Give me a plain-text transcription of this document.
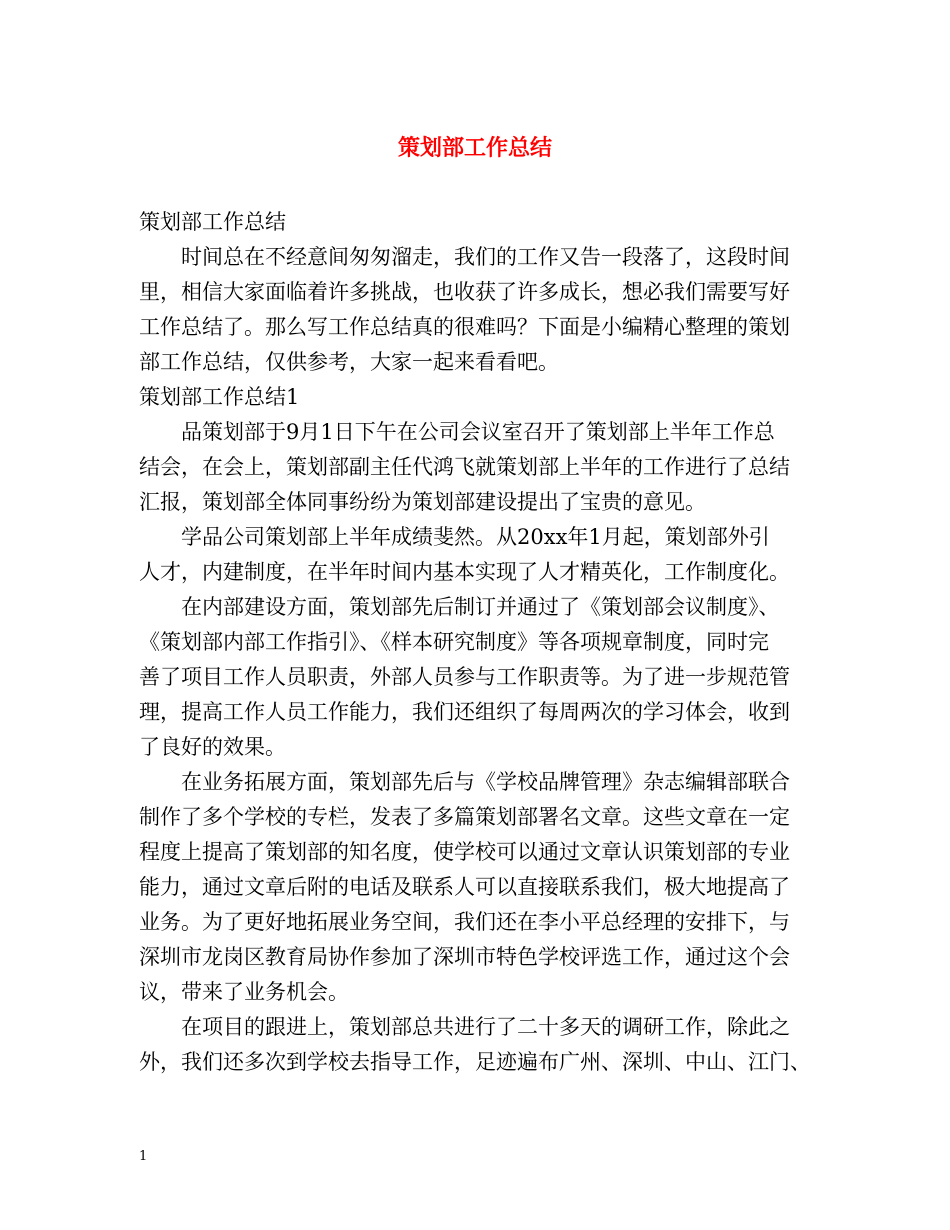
策划部工作总结
策划部工作总结
时间总在不经意间匆匆溜走，我们的工作又告一段落了，这段时间
里，相信大家面临着许多挑战，也收获了许多成长，想必我们需要写好
工作总结了。那么写工作总结真的很难吗？下面是小编精心整理的策划
部工作总结，仅供参考，大家一起来看看吧。
策划部工作总结1
品策划部于9月1日下午在公司会议室召开了策划部上半年工作总
结会，在会上，策划部副主任代鸿飞就策划部上半年的工作进行了总结
汇报，策划部全体同事纷纷为策划部建设提出了宝贵的意见。
学品公司策划部上半年成绩斐然。从20xx年1月起，策划部外引
人才，内建制度，在半年时间内基本实现了人才精英化，工作制度化。
在内部建设方面，策划部先后制订并通过了《策划部会议制度》、
《策划部内部工作指引》、《样本研究制度》等各项规章制度，同时完
善了项目工作人员职责，外部人员参与工作职责等。为了进一步规范管
理，提高工作人员工作能力，我们还组织了每周两次的学习体会，收到
了良好的效果。
在业务拓展方面，策划部先后与《学校品牌管理》杂志编辑部联合
制作了多个学校的专栏，发表了多篇策划部署名文章。这些文章在一定
程度上提高了策划部的知名度，使学校可以通过文章认识策划部的专业
能力，通过文章后附的电话及联系人可以直接联系我们，极大地提高了
业务。为了更好地拓展业务空间，我们还在李小平总经理的安排下，与
深圳市龙岗区教育局协作参加了深圳市特色学校评选工作，通过这个会
议，带来了业务机会。
在项目的跟进上，策划部总共进行了二十多天的调研工作，除此之
外，我们还多次到学校去指导工作，足迹遍布广州、深圳、中山、江门、
1
